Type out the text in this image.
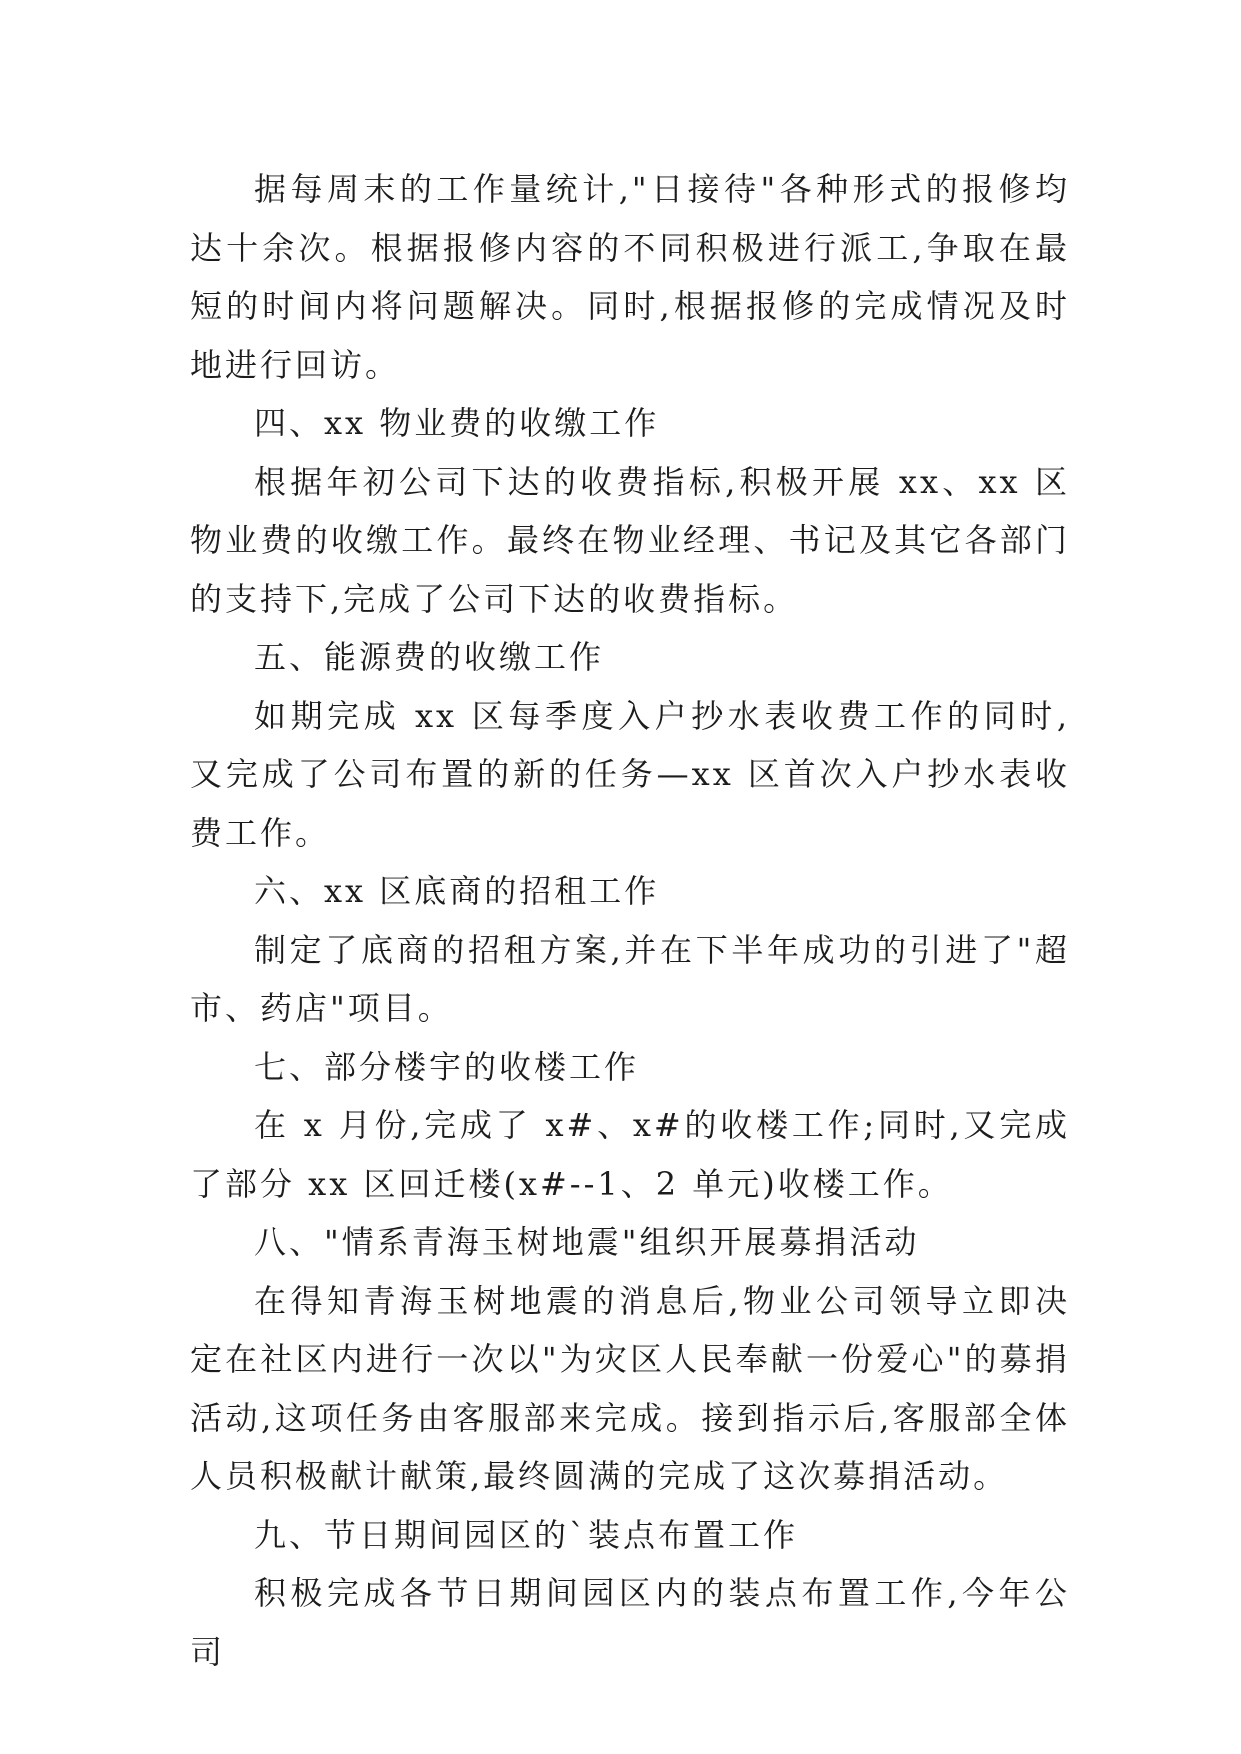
据每周末的工作量统计,"日接待"各种形式的报修均达十余次。根据报修内容的不同积极进行派工,争取在最短的时间内将问题解决。同时,根据报修的完成情况及时地进行回访。

四、xx 物业费的收缴工作

根据年初公司下达的收费指标,积极开展 xx、xx 区物业费的收缴工作。最终在物业经理、书记及其它各部门的支持下,完成了公司下达的收费指标。

五、能源费的收缴工作

如期完成 xx 区每季度入户抄水表收费工作的同时,又完成了公司布置的新的任务—xx 区首次入户抄水表收费工作。

六、xx 区底商的招租工作

制定了底商的招租方案,并在下半年成功的引进了"超市、药店"项目。

七、部分楼宇的收楼工作

在 x 月份,完成了 x#、x#的收楼工作;同时,又完成了部分 xx 区回迁楼(x#--1、2 单元)收楼工作。

八、"情系青海玉树地震"组织开展募捐活动

在得知青海玉树地震的消息后,物业公司领导立即决定在社区内进行一次以"为灾区人民奉献一份爱心"的募捐活动,这项任务由客服部来完成。接到指示后,客服部全体人员积极献计献策,最终圆满的完成了这次募捐活动。

九、节日期间园区的`装点布置工作

积极完成各节日期间园区内的装点布置工作,今年公司
